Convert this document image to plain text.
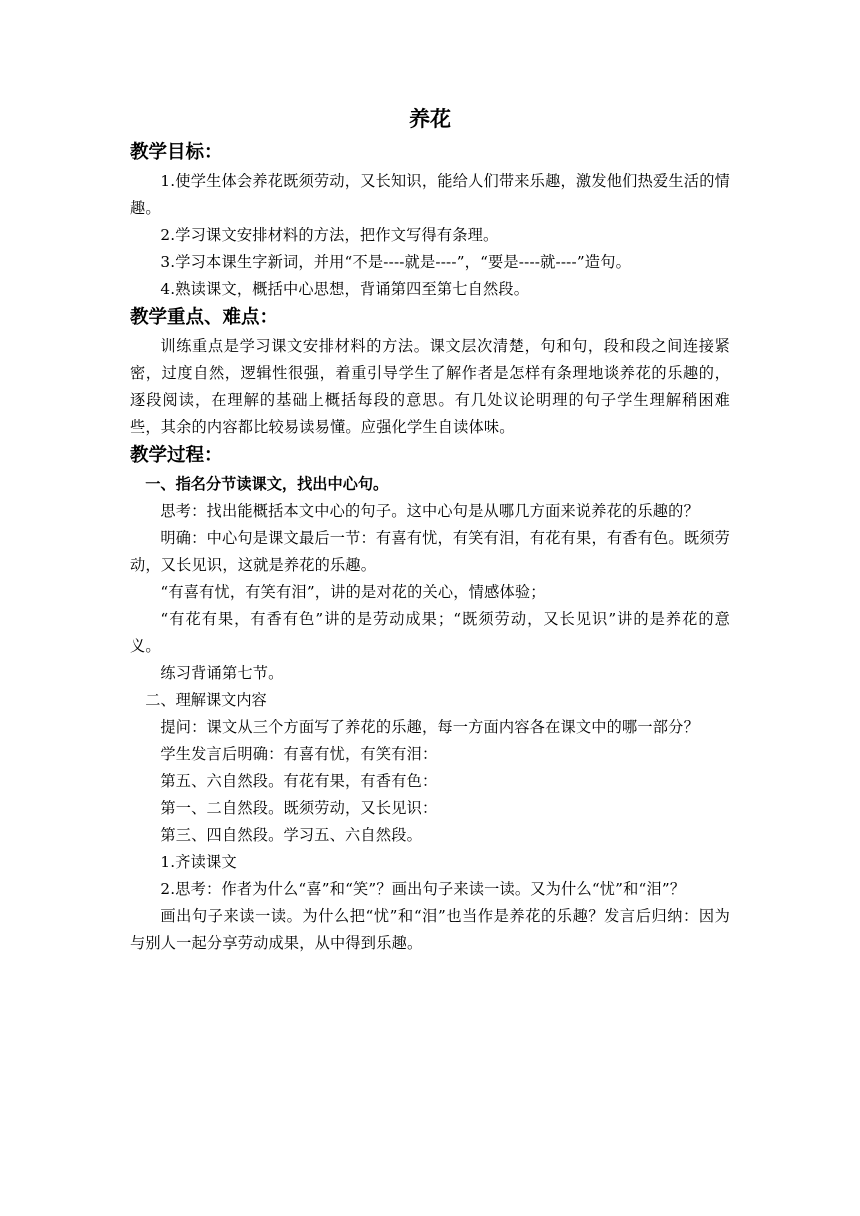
养花
教学目标：
1.使学生体会养花既须劳动，又长知识，能给人们带来乐趣，激发他们热爱生活的情趣。
2.学习课文安排材料的方法，把作文写得有条理。
3.学习本课生字新词，并用“不是----就是----”，“要是----就----”造句。
4.熟读课文，概括中心思想，背诵第四至第七自然段。
教学重点、难点：
训练重点是学习课文安排材料的方法。课文层次清楚，句和句，段和段之间连接紧密，过度自然，逻辑性很强，着重引导学生了解作者是怎样有条理地谈养花的乐趣的，逐段阅读，在理解的基础上概括每段的意思。有几处议论明理的句子学生理解稍困难些，其余的内容都比较易读易懂。应强化学生自读体味。
教学过程：
一、指名分节读课文，找出中心句。
思考：找出能概括本文中心的句子。这中心句是从哪几方面来说养花的乐趣的？
明确：中心句是课文最后一节：有喜有忧，有笑有泪，有花有果，有香有色。既须劳动，又长见识，这就是养花的乐趣。
“有喜有忧，有笑有泪”，讲的是对花的关心，情感体验；
“有花有果，有香有色”讲的是劳动成果；“既须劳动，又长见识”讲的是养花的意义。
练习背诵第七节。
二、理解课文内容
提问：课文从三个方面写了养花的乐趣，每一方面内容各在课文中的哪一部分？
学生发言后明确：有喜有忧，有笑有泪：
第五、六自然段。有花有果，有香有色：
第一、二自然段。既须劳动，又长见识：
第三、四自然段。学习五、六自然段。
1.齐读课文
2.思考：作者为什么“喜”和“笑”？画出句子来读一读。又为什么“忧”和“泪”？
画出句子来读一读。为什么把“忧”和“泪”也当作是养花的乐趣？发言后归纳：因为与别人一起分享劳动成果，从中得到乐趣。
